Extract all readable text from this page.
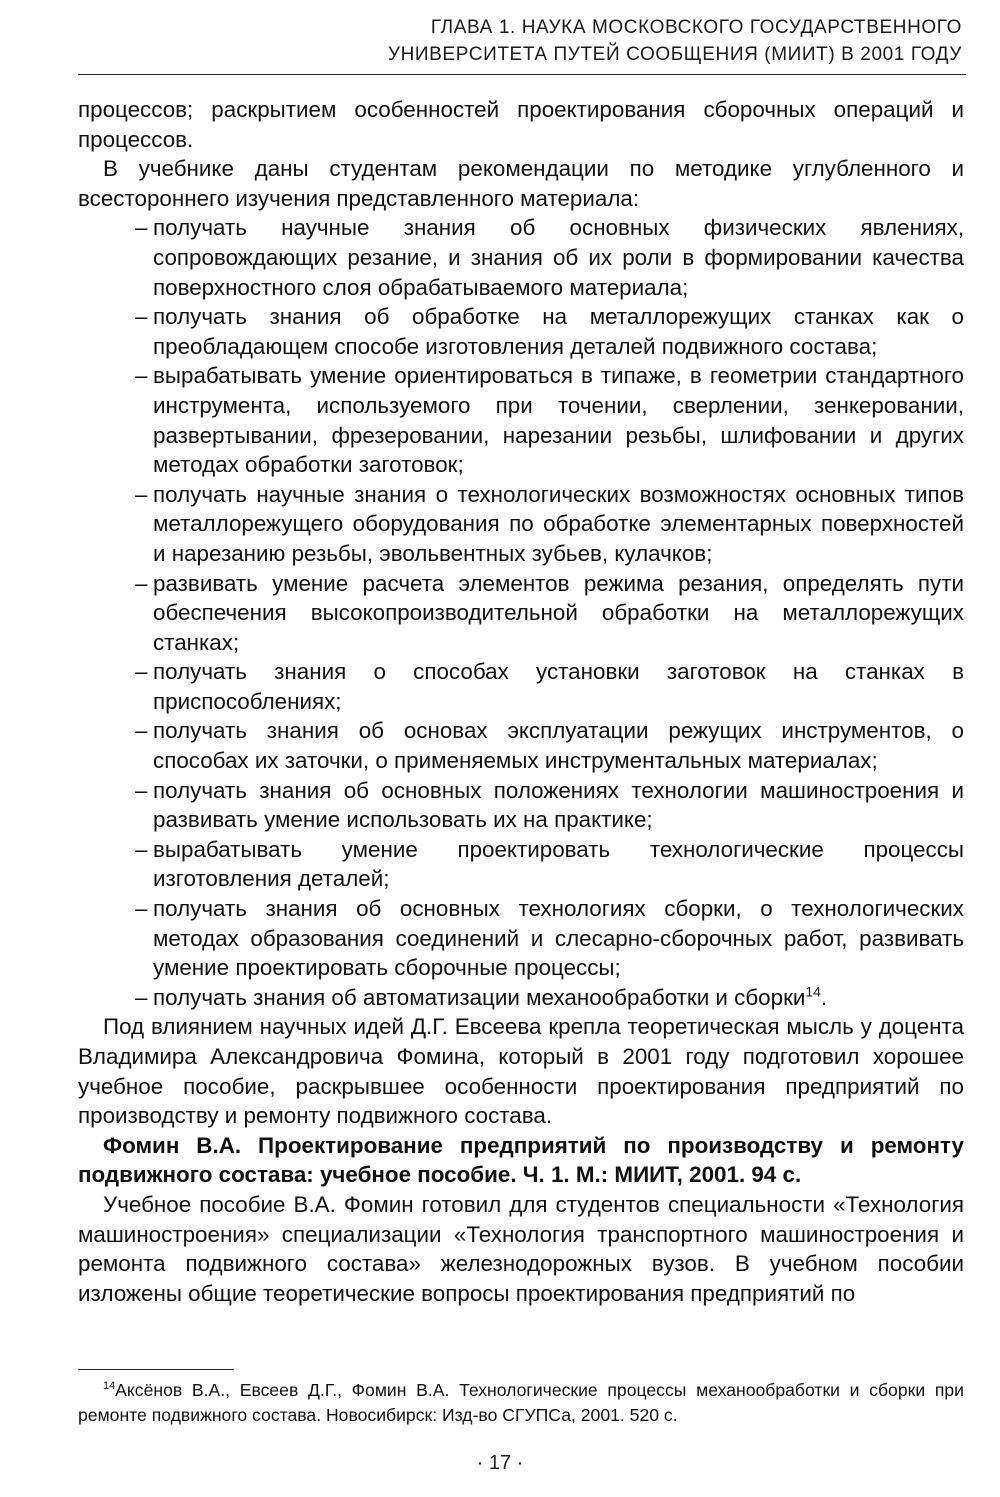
ГЛАВА 1. НАУКА МОСКОВСКОГО ГОСУДАРСТВЕННОГО
УНИВЕРСИТЕТА ПУТЕЙ СООБЩЕНИЯ (МИИТ) В 2001 ГОДУ

процессов; раскрытием особенностей проектирования сборочных операций и процессов.

В учебнике даны студентам рекомендации по методике углубленного и всестороннего изучения представленного материала:

– получать научные знания об основных физических явлениях, сопровождающих резание, и знания об их роли в формировании качества поверхностного слоя обрабатываемого материала;
– получать знания об обработке на металлорежущих станках как о преобладающем способе изготовления деталей подвижного состава;
– вырабатывать умение ориентироваться в типаже, в геометрии стандартного инструмента, используемого при точении, сверлении, зенкеровании, развертывании, фрезеровании, нарезании резьбы, шлифовании и других методах обработки заготовок;
– получать научные знания о технологических возможностях основных типов металлорежущего оборудования по обработке элементарных поверхностей и нарезанию резьбы, эвольвентных зубьев, кулачков;
– развивать умение расчета элементов режима резания, определять пути обеспечения высокопроизводительной обработки на металлорежущих станках;
– получать знания о способах установки заготовок на станках в приспособлениях;
– получать знания об основах эксплуатации режущих инструментов, о способах их заточки, о применяемых инструментальных материалах;
– получать знания об основных положениях технологии машиностроения и развивать умение использовать их на практике;
– вырабатывать умение проектировать технологические процессы изготовления деталей;
– получать знания об основных технологиях сборки, о технологических методах образования соединений и слесарно-сборочных работ, развивать умение проектировать сборочные процессы;
– получать знания об автоматизации механообработки и сборки$^{14}$.

Под влиянием научных идей Д.Г. Евсеева крепла теоретическая мысль у доцента Владимира Александровича Фомина, который в 2001 году подготовил хорошее учебное пособие, раскрывшее особенности проектирования предприятий по производству и ремонту подвижного состава.

Фомин В.А. Проектирование предприятий по производству и ремонту подвижного состава: учебное пособие. Ч. 1. М.: МИИТ, 2001. 94 с.

Учебное пособие В.А. Фомин готовил для студентов специальности «Технология машиностроения» специализации «Технология транспортного машиностроения и ремонта подвижного состава» железнодорожных вузов. В учебном пособии изложены общие теоретические вопросы проектирования предприятий по

$^{14}$Аксёнов В.А., Евсеев Д.Г., Фомин В.А. Технологические процессы механообработки и сборки при ремонте подвижного состава. Новосибирск: Изд-во СГУПСа, 2001. 520 с.

· 17 ·
